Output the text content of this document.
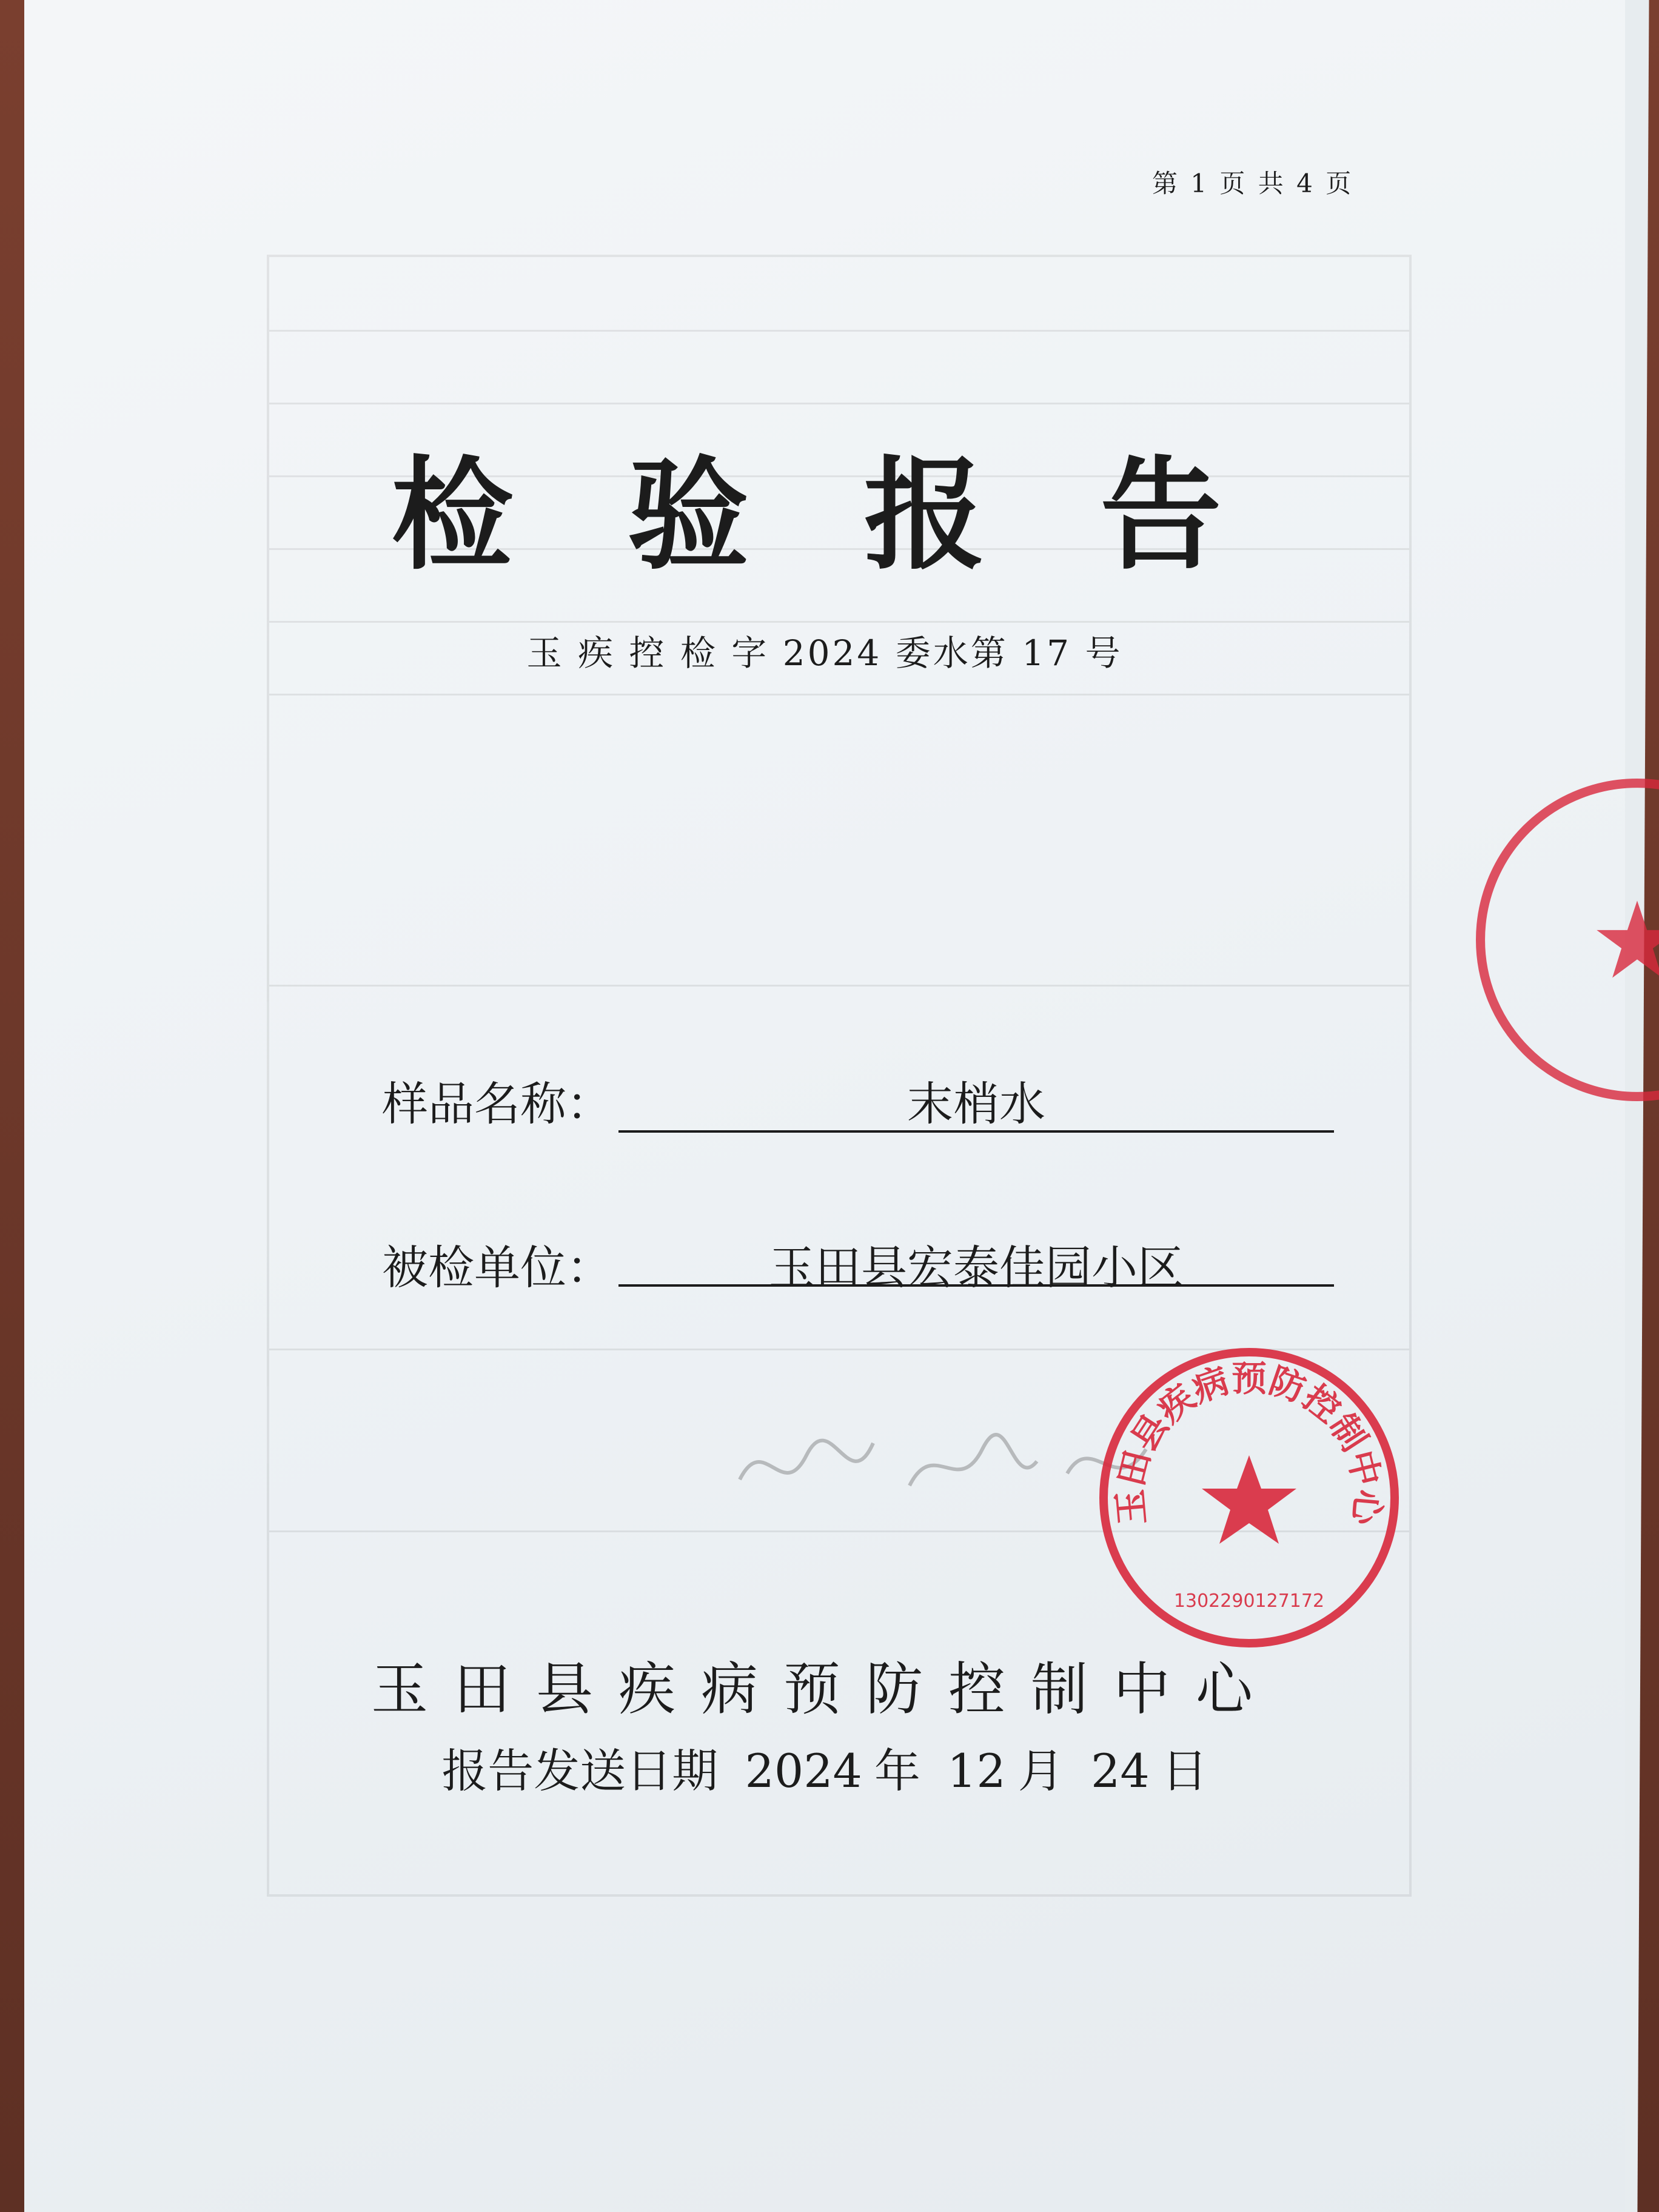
第 1 页 共 4 页
检 验 报 告
玉 疾 控 检 字 2024 委水第 17 号
样品名称：	末梢水
被检单位：	玉田县宏泰佳园小区
玉田县疾病预防控制中心
报告发送日期 2024 年 12 月 24 日
玉田县疾病预防控制中心
1302290127172
